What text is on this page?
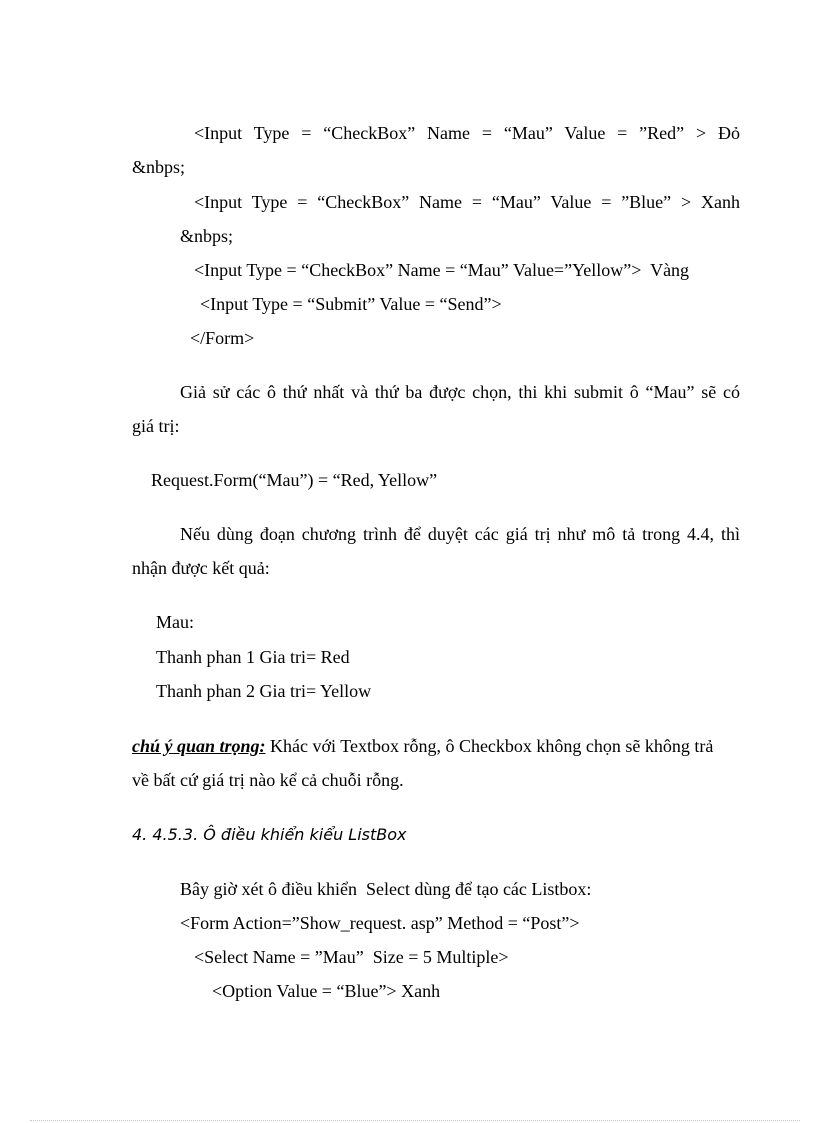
<Input Type = “CheckBox” Name = “Mau” Value = ”Red” > Đỏ
&nbps;
<Input Type = “CheckBox” Name = “Mau” Value = ”Blue” > Xanh
&nbps;
<Input Type = “CheckBox” Name = “Mau” Value=”Yellow”>  Vàng
<Input Type = “Submit” Value = “Send”>
</Form>
Giả sử các ô thứ nhất và thứ ba được chọn, thi khi submit ô “Mau” sẽ có
giá trị:
Request.Form(“Mau”) = “Red, Yellow”
Nếu dùng đoạn chương trình để duyệt các giá trị như mô tả trong 4.4, thì
nhận được kết quả:
Mau:
Thanh phan 1 Gia tri= Red
Thanh phan 2 Gia tri= Yellow
chú ý quan trọng: Khác với Textbox rỗng, ô Checkbox không chọn sẽ không trả
về bất cứ giá trị nào kể cả chuỗi rỗng.
4. 4.5.3. Ô điều khiển kiểu ListBox
Bây giờ xét ô điều khiển  Select dùng để tạo các Listbox:
<Form Action=”Show_request. asp” Method = “Post”>
<Select Name = ”Mau”  Size = 5 Multiple>
<Option Value = “Blue”> Xanh
